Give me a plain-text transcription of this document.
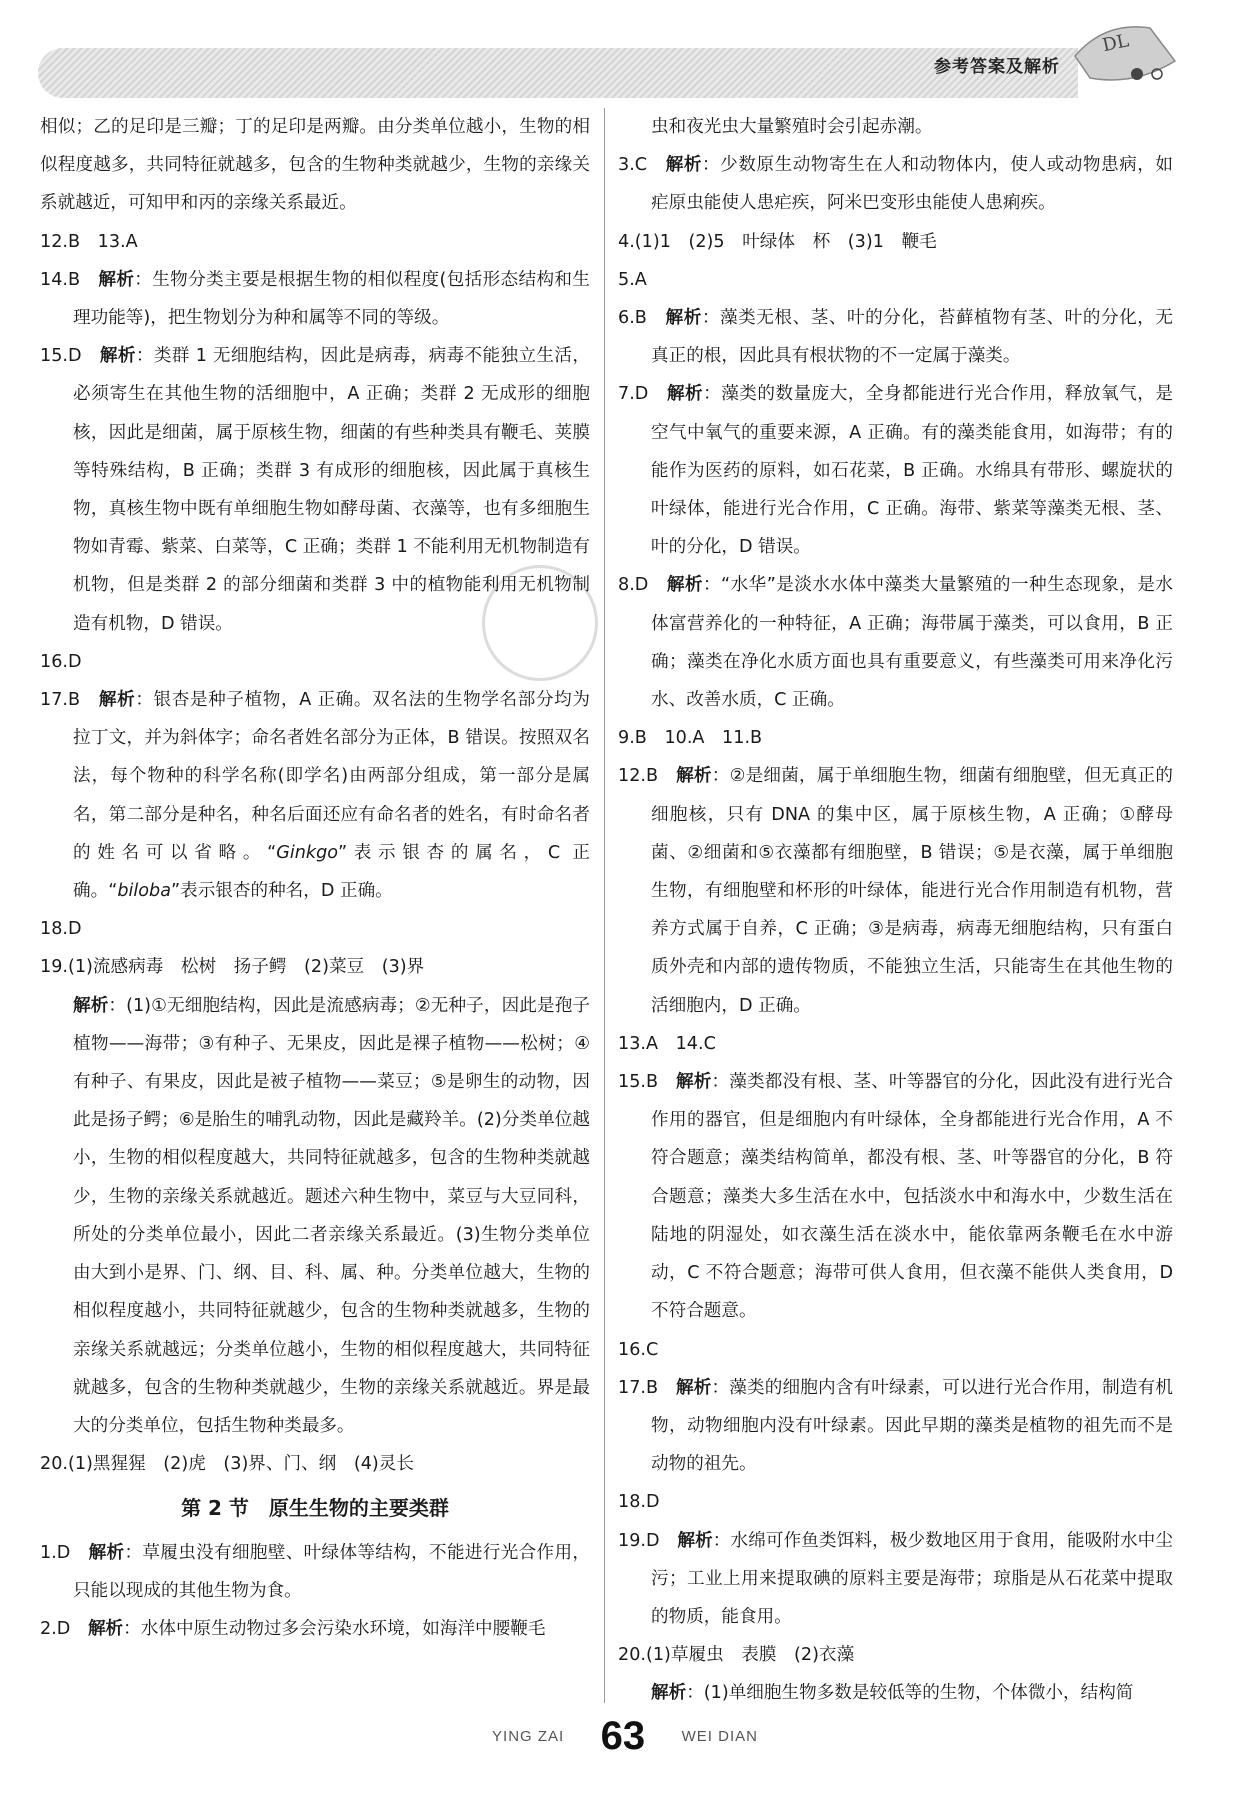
参考答案及解析
DL

相似；乙的足印是三瓣；丁的足印是两瓣。由分类单位越小，生物的相似程度越多，共同特征就越多，包含的生物种类就越少，生物的亲缘关系就越近，可知甲和丙的亲缘关系最近。

12.B　13.A

14.B　 解析：生物分类主要是根据生物的相似程度(包括形态结构和生理功能等)，把生物划分为种和属等不同的等级。

15.D　 解析：类群 1 无细胞结构，因此是病毒，病毒不能独立生活，必须寄生在其他生物的活细胞中，A 正确；类群 2 无成形的细胞核，因此是细菌，属于原核生物，细菌的有些种类具有鞭毛、荚膜等特殊结构，B 正确；类群 3 有成形的细胞核，因此属于真核生物，真核生物中既有单细胞生物如酵母菌、衣藻等，也有多细胞生物如青霉、紫菜、白菜等，C 正确；类群 1 不能利用无机物制造有机物，但是类群 2 的部分细菌和类群 3 中的植物能利用无机物制造有机物，D 错误。

16.D

17.B　 解析：银杏是种子植物，A 正确。双名法的生物学名部分均为拉丁文，并为斜体字；命名者姓名部分为正体，B 错误。按照双名法，每个物种的科学名称(即学名)由两部分组成，第一部分是属名，第二部分是种名，种名后面还应有命名者的姓名，有时命名者的姓名可以省略。“Ginkgo”表示银杏的属名，C 正确。“biloba”表示银杏的种名，D 正确。

18.D

19.(1)流感病毒　松树　扬子鳄　(2)菜豆　(3)界

解析：(1)①无细胞结构，因此是流感病毒；②无种子，因此是孢子植物——海带；③有种子、无果皮，因此是裸子植物——松树；④有种子、有果皮，因此是被子植物——菜豆；⑤是卵生的动物，因此是扬子鳄；⑥是胎生的哺乳动物，因此是藏羚羊。(2)分类单位越小，生物的相似程度越大，共同特征就越多，包含的生物种类就越少，生物的亲缘关系就越近。题述六种生物中，菜豆与大豆同科，所处的分类单位最小，因此二者亲缘关系最近。(3)生物分类单位由大到小是界、门、纲、目、科、属、种。分类单位越大，生物的相似程度越小，共同特征就越少，包含的生物种类就越多，生物的亲缘关系就越远；分类单位越小，生物的相似程度越大，共同特征就越多，包含的生物种类就越少，生物的亲缘关系就越近。界是最大的分类单位，包括生物种类最多。

20.(1)黑猩猩　(2)虎　(3)界、门、纲　(4)灵长

第 2 节　原生生物的主要类群

1.D　 解析：草履虫没有细胞壁、叶绿体等结构，不能进行光合作用，只能以现成的其他生物为食。

2.D　 解析：水体中原生动物过多会污染水环境，如海洋中腰鞭毛

虫和夜光虫大量繁殖时会引起赤潮。

3.C　 解析：少数原生动物寄生在人和动物体内，使人或动物患病，如疟原虫能使人患疟疾，阿米巴变形虫能使人患痢疾。

4.(1)1　(2)5　叶绿体　杯　(3)1　鞭毛

5.A

6.B　 解析：藻类无根、茎、叶的分化，苔藓植物有茎、叶的分化，无真正的根，因此具有根状物的不一定属于藻类。

7.D　 解析：藻类的数量庞大，全身都能进行光合作用，释放氧气，是空气中氧气的重要来源，A 正确。有的藻类能食用，如海带；有的能作为医药的原料，如石花菜，B 正确。水绵具有带形、螺旋状的叶绿体，能进行光合作用，C 正确。海带、紫菜等藻类无根、茎、叶的分化，D 错误。

8.D　 解析：“水华”是淡水水体中藻类大量繁殖的一种生态现象，是水体富营养化的一种特征，A 正确；海带属于藻类，可以食用，B 正确；藻类在净化水质方面也具有重要意义，有些藻类可用来净化污水、改善水质，C 正确。

9.B　10.A　11.B

12.B　 解析：②是细菌，属于单细胞生物，细菌有细胞壁，但无真正的细胞核，只有 DNA 的集中区，属于原核生物，A 正确；①酵母菌、②细菌和⑤衣藻都有细胞壁，B 错误；⑤是衣藻，属于单细胞生物，有细胞壁和杯形的叶绿体，能进行光合作用制造有机物，营养方式属于自养，C 正确；③是病毒，病毒无细胞结构，只有蛋白质外壳和内部的遗传物质，不能独立生活，只能寄生在其他生物的活细胞内，D 正确。

13.A　14.C

15.B　 解析：藻类都没有根、茎、叶等器官的分化，因此没有进行光合作用的器官，但是细胞内有叶绿体，全身都能进行光合作用，A 不符合题意；藻类结构简单，都没有根、茎、叶等器官的分化，B 符合题意；藻类大多生活在水中，包括淡水中和海水中，少数生活在陆地的阴湿处，如衣藻生活在淡水中，能依靠两条鞭毛在水中游动，C 不符合题意；海带可供人食用，但衣藻不能供人类食用，D 不符合题意。

16.C

17.B　 解析：藻类的细胞内含有叶绿素，可以进行光合作用，制造有机物，动物细胞内没有叶绿素。因此早期的藻类是植物的祖先而不是动物的祖先。

18.D

19.D　 解析：水绵可作鱼类饵料，极少数地区用于食用，能吸附水中尘污；工业上用来提取碘的原料主要是海带；琼脂是从石花菜中提取的物质，能食用。

20.(1)草履虫　表膜　(2)衣藻

解析：(1)单细胞生物多数是较低等的生物，个体微小，结构简

YING ZAI 63 WEI DIAN
